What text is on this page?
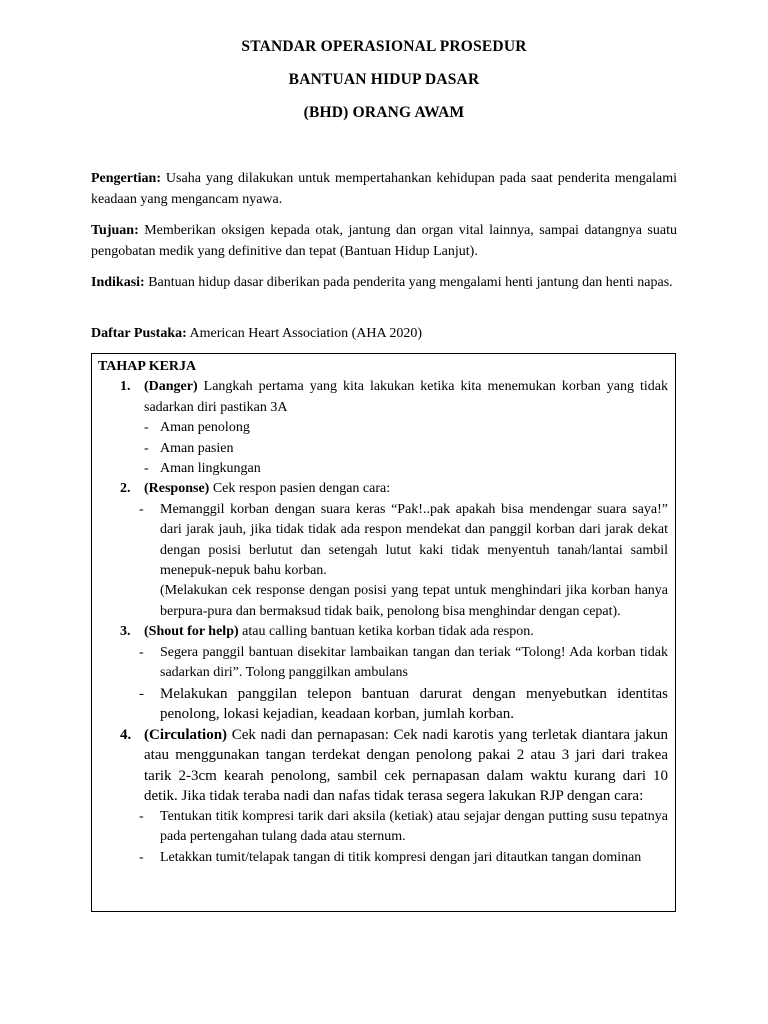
STANDAR OPERASIONAL PROSEDUR
BANTUAN HIDUP DASAR
(BHD) ORANG AWAM
Pengertian: Usaha yang dilakukan untuk mempertahankan kehidupan pada saat penderita mengalami keadaan yang mengancam nyawa.
Tujuan: Memberikan oksigen kepada otak, jantung dan organ vital lainnya, sampai datangnya suatu pengobatan medik yang definitive dan tepat (Bantuan Hidup Lanjut).
Indikasi: Bantuan hidup dasar diberikan pada penderita yang mengalami henti jantung dan henti napas.
Daftar Pustaka: American Heart Association (AHA 2020)
TAHAP KERJA
1. (Danger) Langkah pertama yang kita lakukan ketika kita menemukan korban yang tidak sadarkan diri pastikan 3A
- Aman penolong
- Aman pasien
- Aman lingkungan
2. (Response) Cek respon pasien dengan cara:
- Memanggil korban dengan suara keras “Pak!..pak apakah bisa mendengar suara saya!” dari jarak jauh, jika tidak tidak ada respon mendekat dan panggil korban dari jarak dekat dengan posisi berlutut dan setengah lutut kaki tidak menyentuh tanah/lantai sambil menepuk-nepuk bahu korban.
(Melakukan cek response dengan posisi yang tepat untuk menghindari jika korban hanya berpura-pura dan bermaksud tidak baik, penolong bisa menghindar dengan cepat).
3. (Shout for help) atau calling bantuan ketika korban tidak ada respon.
- Segera panggil bantuan disekitar lambaikan tangan dan teriak “Tolong! Ada korban tidak sadarkan diri”. Tolong panggilkan ambulans
- Melakukan panggilan telepon bantuan darurat dengan menyebutkan identitas penolong, lokasi kejadian, keadaan korban, jumlah korban.
4. (Circulation) Cek nadi dan pernapasan: Cek nadi karotis yang terletak diantara jakun atau menggunakan tangan terdekat dengan penolong pakai 2 atau 3 jari dari trakea tarik 2-3cm kearah penolong, sambil cek pernapasan dalam waktu kurang dari 10 detik. Jika tidak teraba nadi dan nafas tidak terasa segera lakukan RJP dengan cara:
- Tentukan titik kompresi tarik dari aksila (ketiak) atau sejajar dengan putting susu tepatnya pada pertengahan tulang dada atau sternum.
- Letakkan tumit/telapak tangan di titik kompresi dengan jari ditautkan tangan dominan
